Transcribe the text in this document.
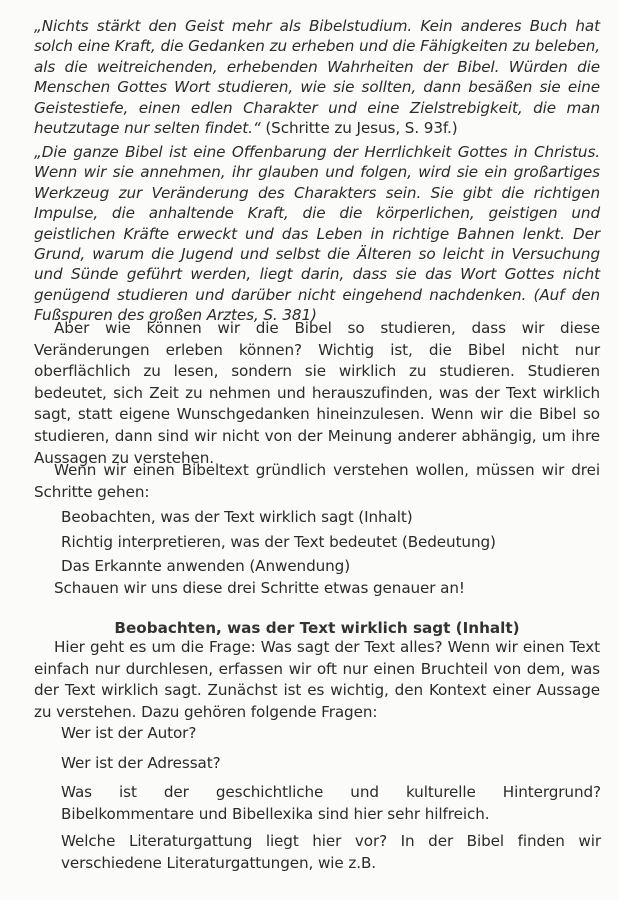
„Nichts stärkt den Geist mehr als Bibelstudium. Kein anderes Buch hat solch eine Kraft, die Gedanken zu erheben und die Fähigkeiten zu beleben, als die weitreichenden, erhebenden Wahrheiten der Bibel. Würden die Menschen Gottes Wort studieren, wie sie sollten, dann besäßen sie eine Geistestiefe, einen edlen Charakter und eine Zielstrebigkeit, die man heutzutage nur selten findet.“ (Schritte zu Jesus, S. 93f.)

„Die ganze Bibel ist eine Offenbarung der Herrlichkeit Gottes in Christus. Wenn wir sie annehmen, ihr glauben und folgen, wird sie ein großartiges Werkzeug zur Veränderung des Charakters sein. Sie gibt die richtigen Impulse, die anhaltende Kraft, die die körperlichen, geistigen und geistlichen Kräfte erweckt und das Leben in richtige Bahnen lenkt. Der Grund, warum die Jugend und selbst die Älteren so leicht in Versuchung und Sünde geführt werden, liegt darin, dass sie das Wort Gottes nicht genügend studieren und darüber nicht eingehend nachdenken. (Auf den Fußspuren des großen Arztes, S. 381)

Aber wie können wir die Bibel so studieren, dass wir diese Veränderungen erleben können? Wichtig ist, die Bibel nicht nur oberflächlich zu lesen, sondern sie wirklich zu studieren. Studieren bedeutet, sich Zeit zu nehmen und herauszufinden, was der Text wirklich sagt, statt eigene Wunschgedanken hineinzulesen. Wenn wir die Bibel so studieren, dann sind wir nicht von der Meinung anderer abhängig, um ihre Aussagen zu verstehen.

Wenn wir einen Bibeltext gründlich verstehen wollen, müssen wir drei Schritte gehen:

Beobachten, was der Text wirklich sagt (Inhalt)

Richtig interpretieren, was der Text bedeutet (Bedeutung)

Das Erkannte anwenden (Anwendung)

Schauen wir uns diese drei Schritte etwas genauer an!

Beobachten, was der Text wirklich sagt (Inhalt)

Hier geht es um die Frage: Was sagt der Text alles? Wenn wir einen Text einfach nur durchlesen, erfassen wir oft nur einen Bruchteil von dem, was der Text wirklich sagt. Zunächst ist es wichtig, den Kontext einer Aussage zu verstehen. Dazu gehören folgende Fragen:

Wer ist der Autor?

Wer ist der Adressat?

Was ist der geschichtliche und kulturelle Hintergrund? Bibelkommentare und Bibellexika sind hier sehr hilfreich.

Welche Literaturgattung liegt hier vor? In der Bibel finden wir verschiedene Literaturgattungen, wie z.B.
